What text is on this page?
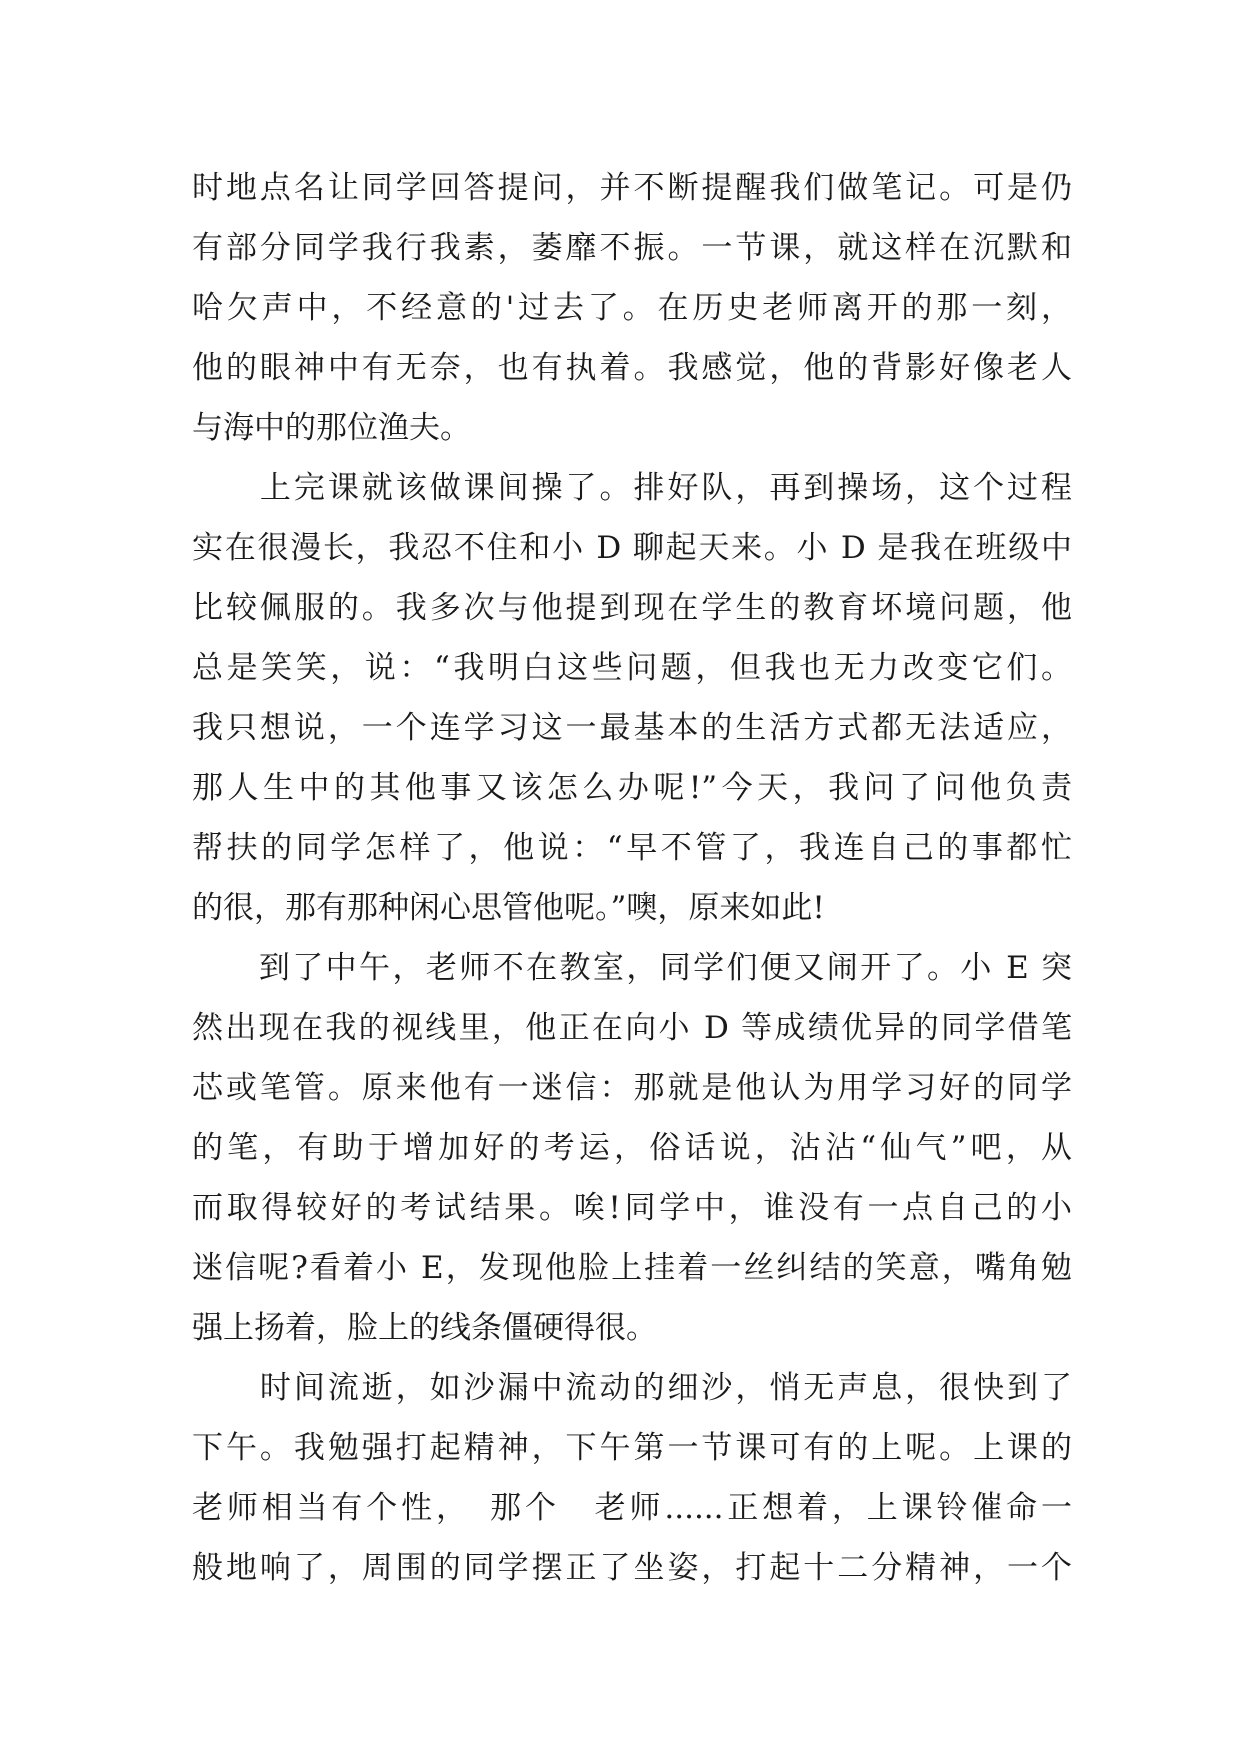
时地点名让同学回答提问，并不断提醒我们做笔记。可是仍
有部分同学我行我素，萎靡不振。一节课，就这样在沉默和
哈欠声中，不经意的'过去了。在历史老师离开的那一刻，
他的眼神中有无奈，也有执着。我感觉，他的背影好像老人
与海中的那位渔夫。
　　上完课就该做课间操了。排好队，再到操场，这个过程
实在很漫长，我忍不住和小 D 聊起天来。小 D 是我在班级中
比较佩服的。我多次与他提到现在学生的教育坏境问题，他
总是笑笑，说：“我明白这些问题，但我也无力改变它们。
我只想说，一个连学习这一最基本的生活方式都无法适应，
那人生中的其他事又该怎么办呢!”今天，我问了问他负责
帮扶的同学怎样了，他说：“早不管了，我连自己的事都忙
的很，那有那种闲心思管他呢。”噢，原来如此!
　　到了中午，老师不在教室，同学们便又闹开了。小 E 突
然出现在我的视线里，他正在向小 D 等成绩优异的同学借笔
芯或笔管。原来他有一迷信：那就是他认为用学习好的同学
的笔，有助于增加好的考运，俗话说，沾沾“仙气”吧，从
而取得较好的考试结果。唉!同学中，谁没有一点自己的小
迷信呢?看着小 E，发现他脸上挂着一丝纠结的笑意，嘴角勉
强上扬着，脸上的线条僵硬得很。
　　时间流逝，如沙漏中流动的细沙，悄无声息，很快到了
下午。我勉强打起精神，下午第一节课可有的上呢。上课的
老师相当有个性，　那个　老师......正想着，上课铃催命一
般地响了，周围的同学摆正了坐姿，打起十二分精神，一个
